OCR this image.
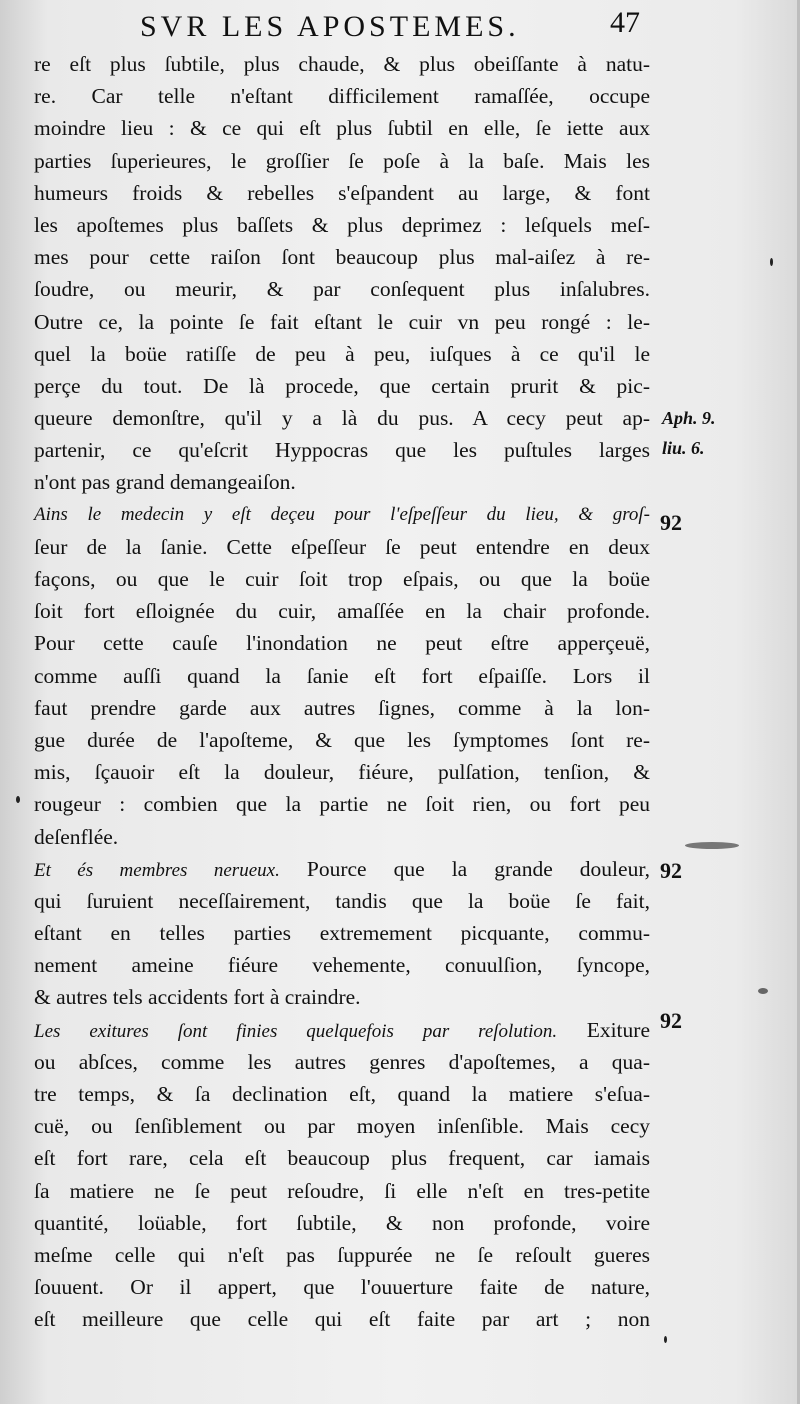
SVR LES APOSTEMES.	47
re eſt plus ſubtile, plus chaude, & plus obeiſſante à natu-
re. Car telle n'eſtant difficilement ramaſſée, occupe
moindre lieu : & ce qui eſt plus ſubtil en elle, ſe iette aux
parties ſuperieures, le groſſier ſe poſe à la baſe. Mais les
humeurs froids & rebelles s'eſpandent au large, & font
les apoſtemes plus baſſets & plus deprimez : leſquels meſ-
mes pour cette raiſon ſont beaucoup plus mal-aiſez à re-
ſoudre, ou meurir, & par conſequent plus inſalubres.
Outre ce, la pointe ſe fait eſtant le cuir vn peu rongé : le-
quel la boüe ratiſſe de peu à peu, iuſques à ce qu'il le
perçe du tout. De là procede, que certain prurit & pic-
queure demonſtre, qu'il y a là du pus. A cecy peut ap-
partenir, ce qu'eſcrit Hyppocras que les puſtules larges
n'ont pas grand demangeaiſon.
Ains le medecin y eſt deçeu pour l'eſpeſſeur du lieu, & groſ-
ſeur de la ſanie. Cette eſpeſſeur ſe peut entendre en deux
façons, ou que le cuir ſoit trop eſpais, ou que la boüe
ſoit fort eſloignée du cuir, amaſſée en la chair profonde.
Pour cette cauſe l'inondation ne peut eſtre apperçeuë,
comme auſſi quand la ſanie eſt fort eſpaiſſe. Lors il
faut prendre garde aux autres ſignes, comme à la lon-
gue durée de l'apoſteme, & que les ſymptomes ſont re-
mis, ſçauoir eſt la douleur, fiéure, pulſation, tenſion, &
rougeur : combien que la partie ne ſoit rien, ou fort peu
deſenflée.
Et és membres nerueux. Pource que la grande douleur,
qui ſuruient neceſſairement, tandis que la boüe ſe fait,
eſtant en telles parties extremement picquante, commu-
nement ameine fiéure vehemente, conuulſion, ſyncope,
& autres tels accidents fort à craindre.
Les exitures ſont finies quelquefois par reſolution. Exiture
ou abſces, comme les autres genres d'apoſtemes, a qua-
tre temps, & ſa declination eſt, quand la matiere s'eſua-
cuë, ou ſenſiblement ou par moyen inſenſible. Mais cecy
eſt fort rare, cela eſt beaucoup plus frequent, car iamais
ſa matiere ne ſe peut reſoudre, ſi elle n'eſt en tres-petite
quantité, loüable, fort ſubtile, & non profonde, voire
meſme celle qui n'eſt pas ſuppurée ne ſe reſoult gueres
ſouuent. Or il appert, que l'ouuerture faite de nature,
eſt meilleure que celle qui eſt faite par art ; non
Aph. 9.
liu. 6.
92
92
92
